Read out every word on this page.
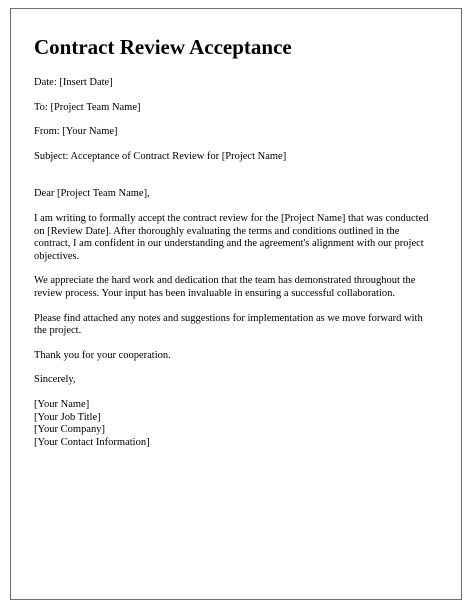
Contract Review Acceptance

Date: [Insert Date]

To: [Project Team Name]

From: [Your Name]

Subject: Acceptance of Contract Review for [Project Name]

Dear [Project Team Name],

I am writing to formally accept the contract review for the [Project Name] that was conducted on [Review Date]. After thoroughly evaluating the terms and conditions outlined in the contract, I am confident in our understanding and the agreement's alignment with our project objectives.

We appreciate the hard work and dedication that the team has demonstrated throughout the review process. Your input has been invaluable in ensuring a successful collaboration.

Please find attached any notes and suggestions for implementation as we move forward with the project.

Thank you for your cooperation.

Sincerely,

[Your Name]

[Your Job Title]

[Your Company]

[Your Contact Information]
